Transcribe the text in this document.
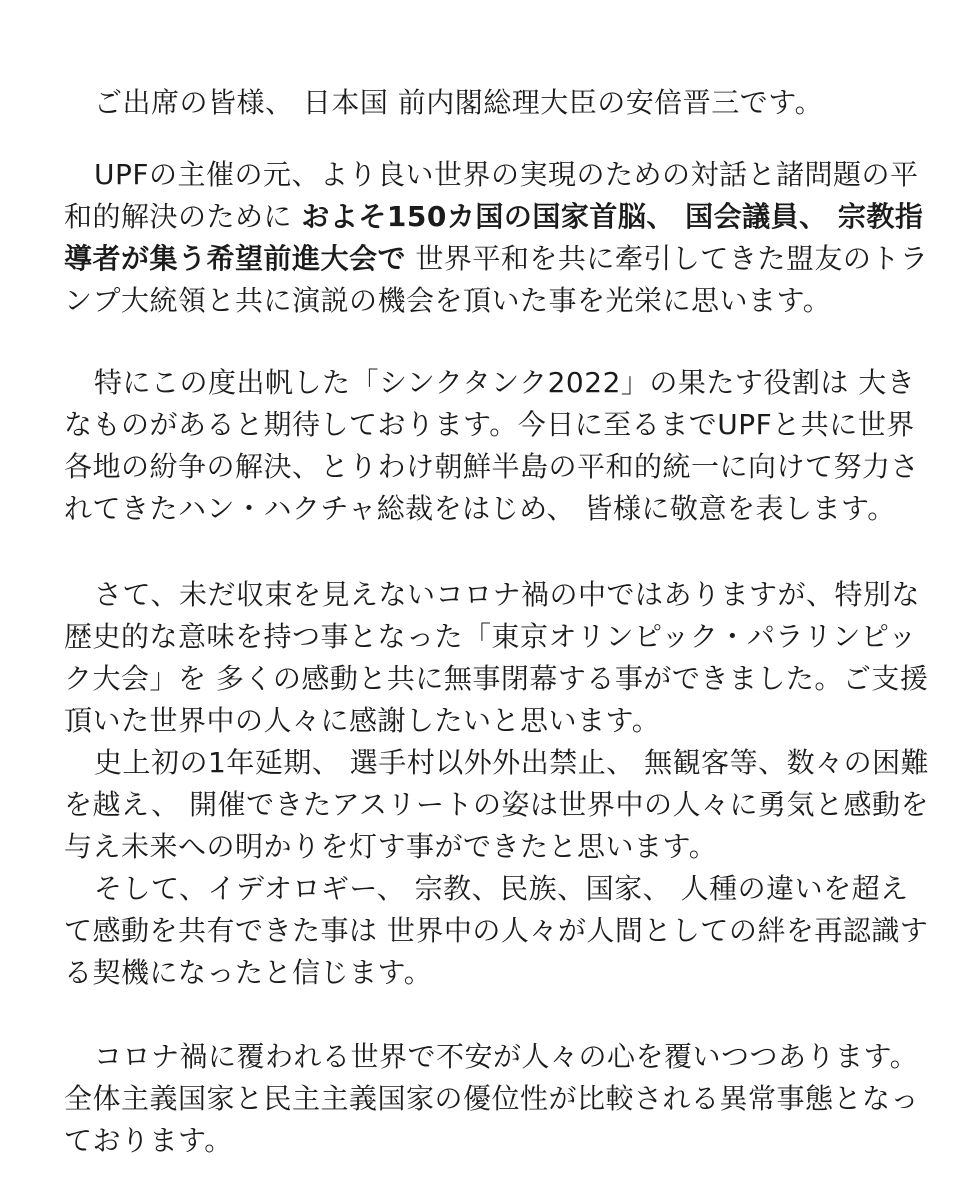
ご出席の皆様、 日本国 前内閣総理大臣の安倍晋三です。
UPFの主催の元、より良い世界の実現のための対話と諸問題の平
和的解決のために およそ150カ国の国家首脳、 国会議員、 宗教指
導者が集う希望前進大会で 世界平和を共に牽引してきた盟友のトラ
ンプ大統領と共に演説の機会を頂いた事を光栄に思います。
特にこの度出帆した「シンクタンク2022」の果たす役割は 大き
なものがあると期待しております。今日に至るまでUPFと共に世界
各地の紛争の解決、とりわけ朝鮮半島の平和的統一に向けて努力さ
れてきたハン・ハクチャ総裁をはじめ、 皆様に敬意を表します。
さて、未だ収束を見えないコロナ禍の中ではありますが、特別な
歴史的な意味を持つ事となった「東京オリンピック・パラリンピッ
ク大会」を 多くの感動と共に無事閉幕する事ができました。ご支援
頂いた世界中の人々に感謝したいと思います。
史上初の1年延期、 選手村以外外出禁止、 無観客等、数々の困難
を越え、 開催できたアスリートの姿は世界中の人々に勇気と感動を
与え未来への明かりを灯す事ができたと思います。
そして、イデオロギー、 宗教、民族、国家、 人種の違いを超え
て感動を共有できた事は 世界中の人々が人間としての絆を再認識す
る契機になったと信じます。
コロナ禍に覆われる世界で不安が人々の心を覆いつつあります。
全体主義国家と民主主義国家の優位性が比較される異常事態となっ
ております。
